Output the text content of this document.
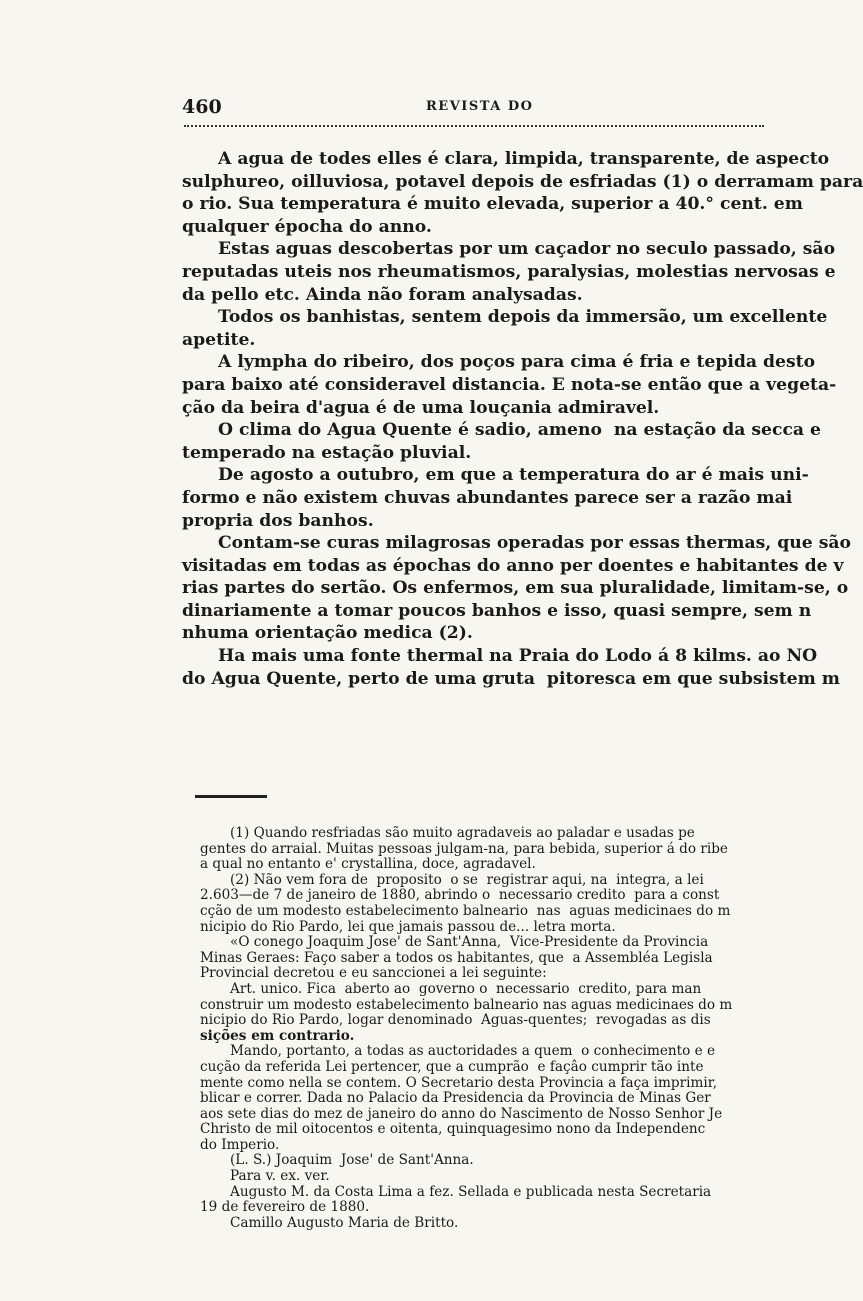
460	REVISTA DO

A agua de todes elles é clara, limpida, transparente, de aspecto
sulphureo, oilluviosa, potavel depois de esfriadas (1) o derramam para
o rio. Sua temperatura é muito elevada, superior a 40.° cent. em
qualquer épocha do anno.

Estas aguas descobertas por um caçador no seculo passado, são
reputadas uteis nos rheumatismos, paralysias, molestias nervosas e
da pello etc. Ainda não foram analysadas.

Todos os banhistas, sentem depois da immersão, um excellente
apetite.

A lympha do ribeiro, dos poços para cima é fria e tepida desto
para baixo até consideravel distancia. E nota-se então que a vegeta-
ção da beira d'agua é de uma louçania admiravel.

O clima do Agua Quente é sadio, ameno  na estação da secca e
temperado na estação pluvial.

De agosto a outubro, em que a temperatura do ar é mais uni-
formo e não existem chuvas abundantes parece ser a razão mai
propria dos banhos.

Contam-se curas milagrosas operadas por essas thermas, que são
visitadas em todas as épochas do anno per doentes e habitantes de v
rias partes do sertão. Os enfermos, em sua pluralidade, limitam-se, o
dinariamente a tomar poucos banhos e isso, quasi sempre, sem n
nhuma orientação medica (2).

Ha mais uma fonte thermal na Praia do Lodo á 8 kilms. ao NO
do Agua Quente, perto de uma gruta  pitoresca em que subsistem m

(1) Quando resfriadas são muito agradaveis ao paladar e usadas pe

gentes do arraial. Muitas pessoas julgam-na, para bebida, superior á do ribe

a qual no entanto e' crystallina, doce, agradavel.

(2) Não vem fora de  proposito  o se  registrar aqui, na  integra, a lei

2.603—de 7 de janeiro de 1880, abrindo o  necessario credito  para a const

cção de um modesto estabelecimento balneario  nas  aguas medicinaes do m

nicipio do Rio Pardo, lei que jamais passou de... letra morta.

«O conego Joaquim Jose' de Sant'Anna,  Vice-Presidente da Provincia

Minas Geraes: Faço saber a todos os habitantes, que  a Assembléa Legisla

Provincial decretou e eu sanccionei a lei seguinte:

Art. unico. Fica  aberto ao  governo o  necessario  credito, para man

construir um modesto estabelecimento balneario nas aguas medicinaes do m

nicipio do Rio Pardo, logar denominado  Aguas-quentes;  revogadas as dis

sições em contrario.

Mando, portanto, a todas as auctoridades a quem  o conhecimento e e

cução da referida Lei pertencer, que a cumprão  e façâo cumprir tão inte

mente como nella se contem. O Secretario desta Provincia a faça imprimir,

blicar e correr. Dada no Palacio da Presidencia da Provincia de Minas Ger

aos sete dias do mez de janeiro do anno do Nascimento de Nosso Senhor Je

Christo de mil oitocentos e oitenta, quinquagesimo nono da Independenc

do Imperio.

(L. S.) Joaquim  Jose' de Sant'Anna.

Para v. ex. ver.

Augusto M. da Costa Lima a fez. Sellada e publicada nesta Secretaria

19 de fevereiro de 1880.

Camillo Augusto Maria de Britto.
